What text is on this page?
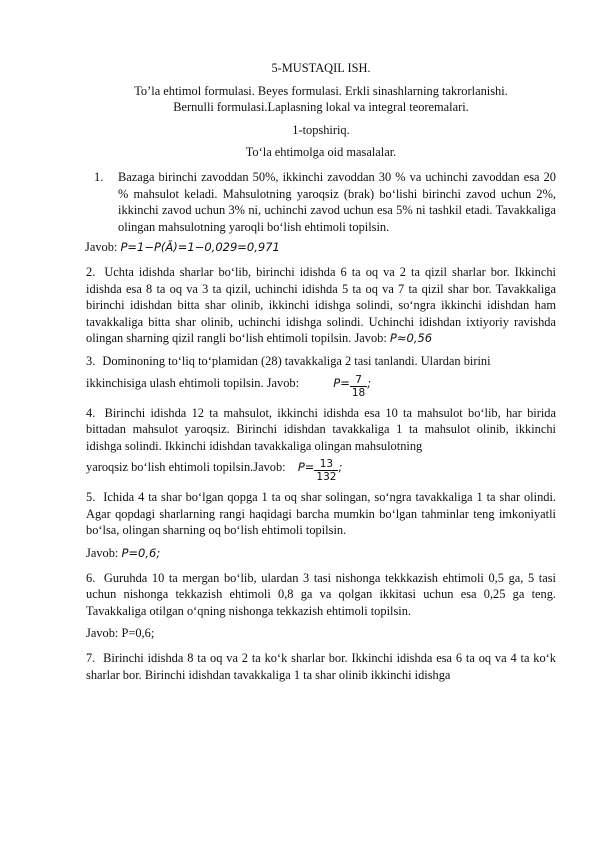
5-MUSTAQIL ISH.

To’la ehtimol formulasi. Beyes formulasi. Erkli sinashlarning takrorlanishi.

Bernulli formulasi.Laplasning lokal va integral teoremalari.

1-topshiriq.

To‘la ehtimolga oid masalalar.

1. Bazaga birinchi zavoddan 50%, ikkinchi zavoddan 30 % va uchinchi zavoddan esa 20 % mahsulot keladi. Mahsulotning yaroqsiz (brak) bo‘lishi birinchi zavod uchun 2%, ikkinchi zavod uchun 3% ni, uchinchi zavod uchun esa 5% ni tashkil etadi. Tavakkaliga olingan mahsulotning yaroqli bo‘lish ehtimoli topilsin.

Javob: P=1−P(Ā)=1−0,029=0,971

2. Uchta idishda sharlar bo‘lib, birinchi idishda 6 ta oq va 2 ta qizil sharlar bor. Ikkinchi idishda esa 8 ta oq va 3 ta qizil, uchinchi idishda 5 ta oq va 7 ta qizil shar bor. Tavakkaliga birinchi idishdan bitta shar olinib, ikkinchi idishga solindi, so‘ngra ikkinchi idishdan ham tavakkaliga bitta shar olinib, uchinchi idishga solindi. Uchinchi idishdan ixtiyoriy ravishda olingan sharning qizil rangli bo‘lish ehtimoli topilsin. Javob: P≈0,56

3. Dominoning to‘liq to‘plamidan (28) tavakkaliga 2 tasi tanlandi. Ulardan birini

ikkinchisiga ulash ehtimoli topilsin. Javob:	$P= \frac{7}{18}$ ;

4. Birinchi idishda 12 ta mahsulot, ikkinchi idishda esa 10 ta mahsulot bo‘lib, har birida bittadan mahsulot yaroqsiz. Birinchi idishdan tavakkaliga 1 ta mahsulot olinib, ikkinchi idishga solindi. Ikkinchi idishdan tavakkaliga olingan mahsulotning

yaroqsiz bo‘lish ehtimoli topilsin.Javob: $P= \frac{13}{132}$ ;

5. Ichida 4 ta shar bo‘lgan qopga 1 ta oq shar solingan, so‘ngra tavakkaliga 1 ta shar olindi. Agar qopdagi sharlarning rangi haqidagi barcha mumkin bo‘lgan tahminlar teng imkoniyatli bo‘lsa, olingan sharning oq bo‘lish ehtimoli topilsin.

Javob: P=0,6;

6. Guruhda 10 ta mergan bo‘lib, ulardan 3 tasi nishonga tekkkazish ehtimoli 0,5 ga, 5 tasi uchun nishonga tekkazish ehtimoli 0,8 ga va qolgan ikkitasi uchun esa 0,25 ga teng. Tavakkaliga otilgan o‘qning nishonga tekkazish ehtimoli topilsin.

Javob: P=0,6;

7. Birinchi idishda 8 ta oq va 2 ta ko‘k sharlar bor. Ikkinchi idishda esa 6 ta oq va 4 ta ko‘k sharlar bor. Birinchi idishdan tavakkaliga 1 ta shar olinib ikkinchi idishga
